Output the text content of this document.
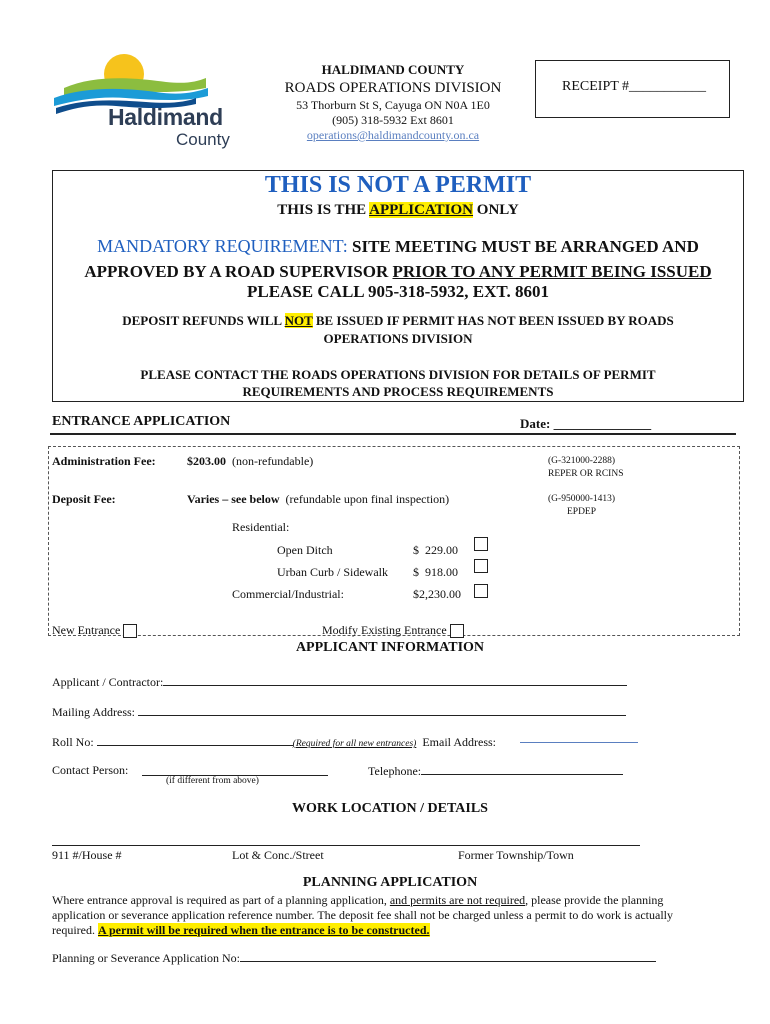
Haldimand
County
HALDIMAND COUNTY
ROADS OPERATIONS DIVISION
53 Thorburn St S, Cayuga ON N0A 1E0
(905) 318-5932 Ext 8601
operations@haldimandcounty.on.ca
RECEIPT #___________
THIS IS NOT A PERMIT
THIS IS THE APPLICATION ONLY
MANDATORY REQUIREMENT: SITE MEETING MUST BE ARRANGED AND
APPROVED BY A ROAD SUPERVISOR PRIOR TO ANY PERMIT BEING ISSUED
PLEASE CALL 905-318-5932, EXT. 8601
DEPOSIT REFUNDS WILL NOT BE ISSUED IF PERMIT HAS NOT BEEN ISSUED BY ROADS
OPERATIONS DIVISION
PLEASE CONTACT THE ROADS OPERATIONS DIVISION FOR DETAILS OF PERMIT
REQUIREMENTS AND PROCESS REQUIREMENTS
ENTRANCE APPLICATION	Date: _______________
Administration Fee:	$203.00 (non-refundable)	(G-321000-2288)
REPER OR RCINS
Deposit Fee:	Varies – see below (refundable upon final inspection)	(G-950000-1413)
EPDEP
Residential:
Open Ditch	$  229.00
Urban Curb / Sidewalk $  918.00
Commercial/Industrial:	$2,230.00
New Entrance	Modify Existing Entrance
APPLICANT INFORMATION
Applicant / Contractor:
Mailing Address:
Roll No:	(Required for all new entrances) Email Address:
Contact Person:
(if different from above)
Telephone:
WORK LOCATION / DETAILS
911 #/House #	Lot & Conc./Street	Former Township/Town
PLANNING APPLICATION
Where entrance approval is required as part of a planning application, and permits are not required, please provide the planning
application or severance application reference number. The deposit fee shall not be charged unless a permit to do work is actually
required. A permit will be required when the entrance is to be constructed.
Planning or Severance Application No:
